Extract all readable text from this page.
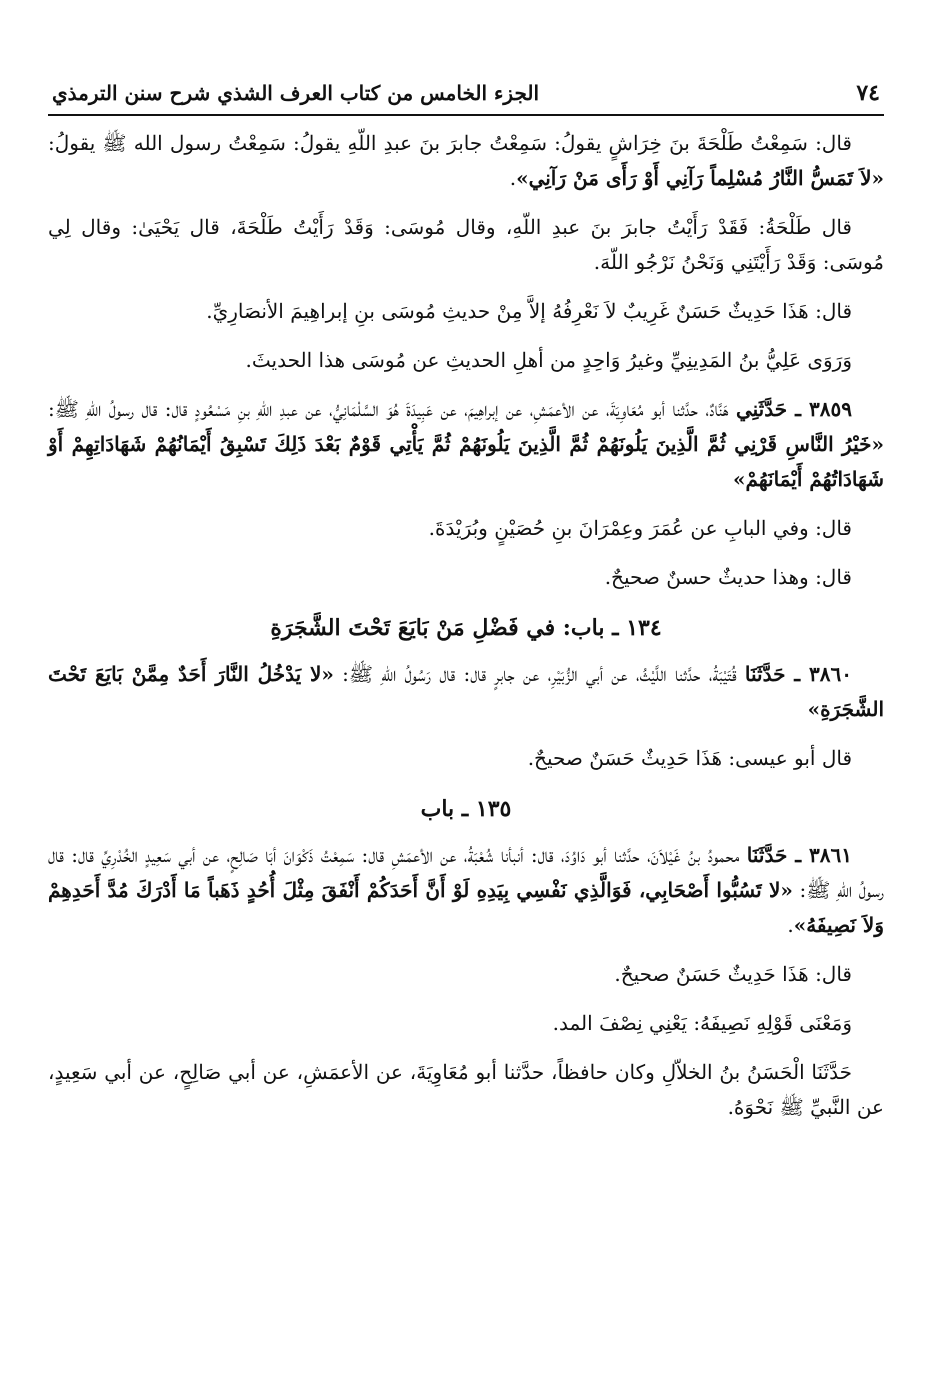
٧٤
الجزء الخامس من كتاب العرف الشذي شرح سنن الترمذي

قال: سَمِعْتُ طَلْحَةَ بنَ خِرَاشٍ يقولُ: سَمِعْتُ جابرَ بنَ عبدِ اللّهِ يقولُ: سَمِعْتُ رسول الله ﷺ يقولُ: «لاَ تَمَسُّ النَّارُ مُسْلِماً رَآنِي أَوْ رَأَى مَنْ رَآنِي».

قال طَلْحَةُ: فَقَدْ رَأَيْتُ جابرَ بنَ عبدِ اللّهِ، وقال مُوسَى: وَقَدْ رَأَيْتُ طَلْحَةَ، قال يَحْيَىٰ: وقال لِي مُوسَى: وَقَدْ رَأَيْتَنِي وَنَحْنُ نَرْجُو اللّهَ.

قال: هَذَا حَدِيثٌ حَسَنٌ غَرِيبٌ لاَ نَعْرِفُهُ إلاَّ مِنْ حديثِ مُوسَى بنِ إبراهِيمَ الأنصَارِيِّ.

وَرَوَى عَلِيُّ بنُ المَدِينِيِّ وغيرُ وَاحِدٍ من أهلِ الحديثِ عن مُوسَى هذا الحديثَ.

٣٨٥٩ ـ حَدَّثَنِي هَنَّادٌ، حدَّثنا أبو مُعَاوِيَةَ، عن الأعمَشِ، عن إبراهِيمَ، عن عَبِيدَةَ هُوَ السَّلْمَانِيُّ، عن عبدِ اللّهِ بنِ مَسْعُودٍ قال: قال رسولُ اللّهِ ﷺ: «خَيْرُ النَّاسِ قَرْنِي ثُمَّ الَّذِينَ يَلُونَهُمْ ثُمَّ الَّذِينَ يَلُونَهُمْ ثُمَّ يَأْتِي قَوْمٌ بَعْدَ ذَلِكَ تَسْبِقُ أَيْمَانُهُمْ شَهَادَاتِهِمْ أَوْ شَهَادَاتُهُمْ أَيْمَانَهُمْ»

قال: وفي البابِ عن عُمَرَ وعِمْرَانَ بنِ حُصَيْنٍ وبُرَيْدَةَ.

قال: وهذا حديثٌ حسنٌ صحيحٌ.

١٣٤ ـ باب: في فَضْلِ مَنْ بَايَعَ تَحْتَ الشَّجَرَةِ

٣٨٦٠ ـ حَدَّثَنَا قُتَيْبَةُ، حدَّثنا اللَّيْثُ، عن أبي الزُّبَيْرِ، عن جابرٍ قال: قال رَسُولُ اللّهِ ﷺ: «لا يَدْخُلُ النَّارَ أَحَدٌ مِمَّنْ بَايَعَ تَحْتَ الشَّجَرَةِ»

قال أبو عيسى: هَذَا حَدِيثٌ حَسَنٌ صحيحٌ.

١٣٥ ـ باب

٣٨٦١ ـ حَدَّثَنَا محمودُ بنُ غَيْلاَنَ، حدَّثنا أبو دَاوُدَ، قال: أنبأنا شُعْبَةُ، عن الأعمَشِ قال: سَمِعْتُ ذَكْوَانَ أبَا صَالِحٍ، عن أبي سَعِيدٍ الخُدْرِيِّ قال: قال رسولُ اللّهِ ﷺ: «لا تَسُبُّوا أَصْحَابِي، فَوَالَّذِي نَفْسِي بِيَدِهِ لَوْ أَنَّ أَحَدَكُمْ أَنْفَقَ مِثْلَ أُحُدٍ ذَهَباً مَا أَدْرَكَ مُدَّ أَحَدِهِمْ وَلاَ نَصِيفَهُ».

قال: هَذَا حَدِيثٌ حَسَنٌ صحيحٌ.

وَمَعْنَى قَوْلِهِ نَصِيفَهُ: يَعْنِي نِصْفَ المد.

حَدَّثَنَا الْحَسَنُ بنُ الخلاّلِ وكان حافظاً، حدَّثنا أبو مُعَاوِيَةَ، عن الأعمَشِ، عن أبي صَالِحٍ، عن أبي سَعِيدٍ، عن النَّبيِّ ﷺ نَحْوَهُ.
